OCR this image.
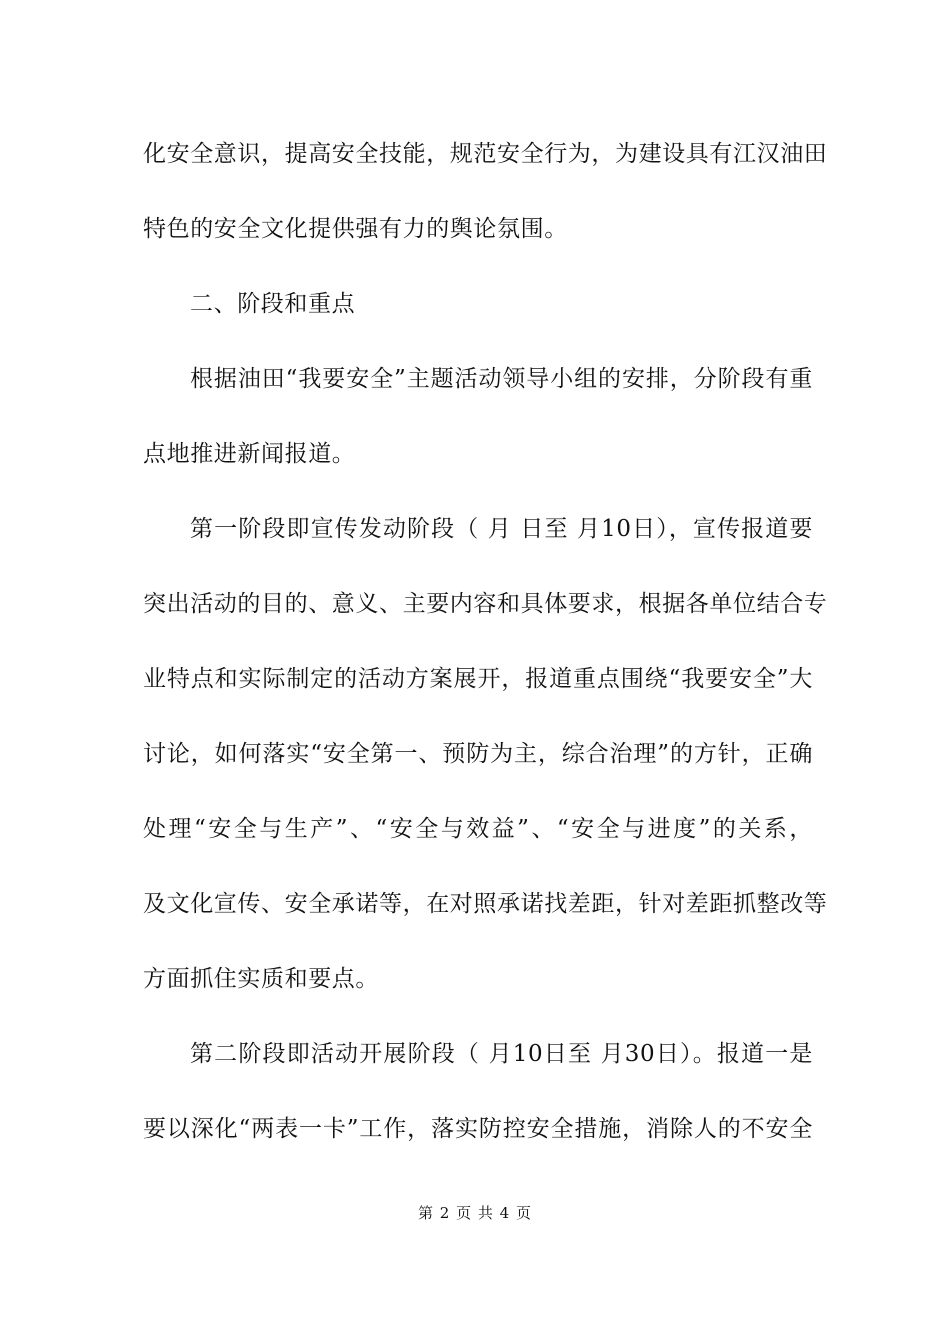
化安全意识，提高安全技能，规范安全行为，为建设具有江汉油田
特色的安全文化提供强有力的舆论氛围。
二、阶段和重点
根据油田“我要安全”主题活动领导小组的安排，分阶段有重
点地推进新闻报道。
第一阶段即宣传发动阶段（ 月 日至 月10日），宣传报道要
突出活动的目的、意义、主要内容和具体要求，根据各单位结合专
业特点和实际制定的活动方案展开，报道重点围绕“我要安全”大
讨论，如何落实“安全第一、预防为主，综合治理”的方针，正确
处理“安全与生产”、“安全与效益”、“安全与进度”的关系，
及文化宣传、安全承诺等，在对照承诺找差距，针对差距抓整改等
方面抓住实质和要点。
第二阶段即活动开展阶段（ 月10日至 月30日）。报道一是
要以深化“两表一卡”工作，落实防控安全措施，消除人的不安全
第 2 页 共 4 页
